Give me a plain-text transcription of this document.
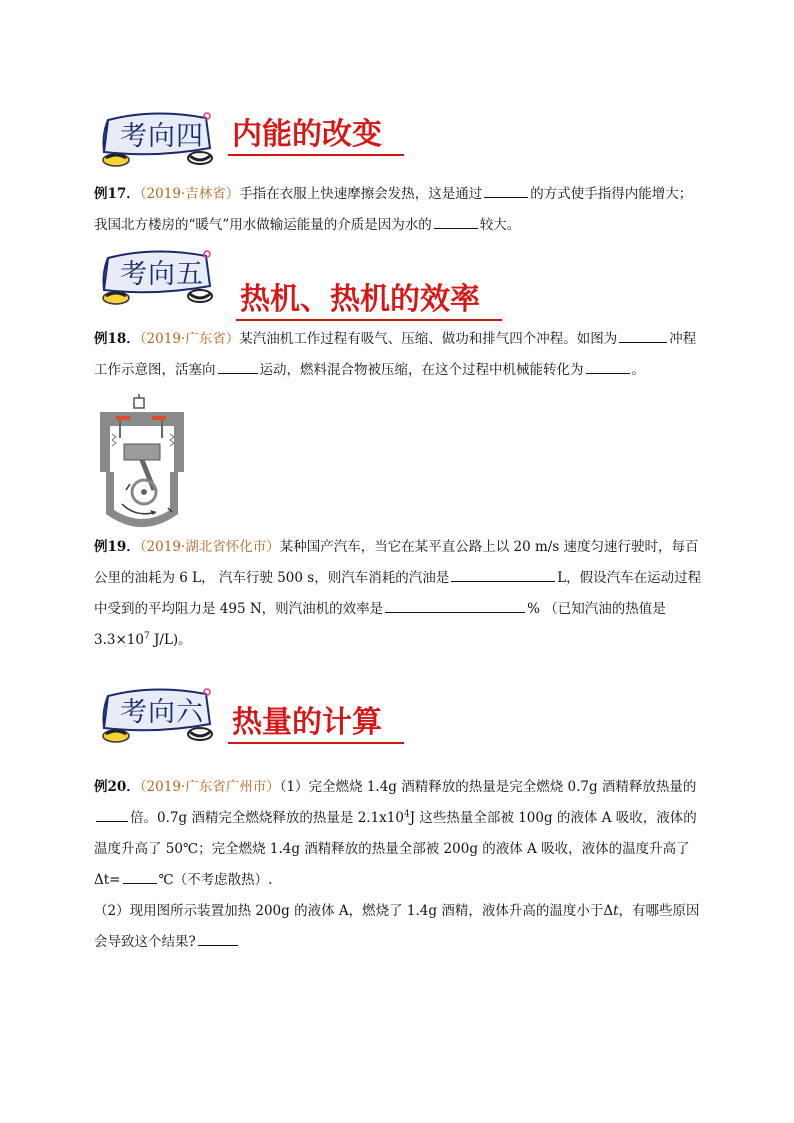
考向四 内能的改变
例17．（2019·吉林省）手指在衣服上快速摩擦会发热，这是通过	的方式使手指得内能增大；我国北方楼房的“暖气”用水做输运能量的介质是因为水的	较大。
考向五
热机、热机的效率
例18．（2019·广东省）某汽油机工作过程有吸气、压缩、做功和排气四个冲程。如图为	冲程工作示意图，活塞向	运动，燃料混合物被压缩，在这个过程中机械能转化为	。
例19．（2019·湖北省怀化市）某种国产汽车，当它在某平直公路上以 20 m/s 速度匀速行驶时，每百公里的油耗为 6 L， 汽车行驶 500 s，则汽车消耗的汽油是	L，假设汽车在运动过程中受到的平均阻力是 495 N，则汽油机的效率是	% （已知汽油的热值是 $3.3\times 10^7$ J/L)。
考向六 热量的计算
例20．（2019·广东省广州市）（1）完全燃烧 1.4g 酒精释放的热量是完全燃烧 0.7g 酒精释放热量的倍。0.7g 酒精完全燃烧释放的热量是 $2.1x10^4J$ 这些热量全部被 100g 的液体 A 吸收，液体的温度升高了 50℃；完全燃烧 1.4g 酒精释放的热量全部被 200g 的液体 A 吸收，液体的温度升高了Δt=	℃（不考虑散热）.
（2）现用图所示装置加热 200g 的液体 A，燃烧了 1.4g 酒精，液体升高的温度小于Δt，有哪些原因会导致这个结果?
